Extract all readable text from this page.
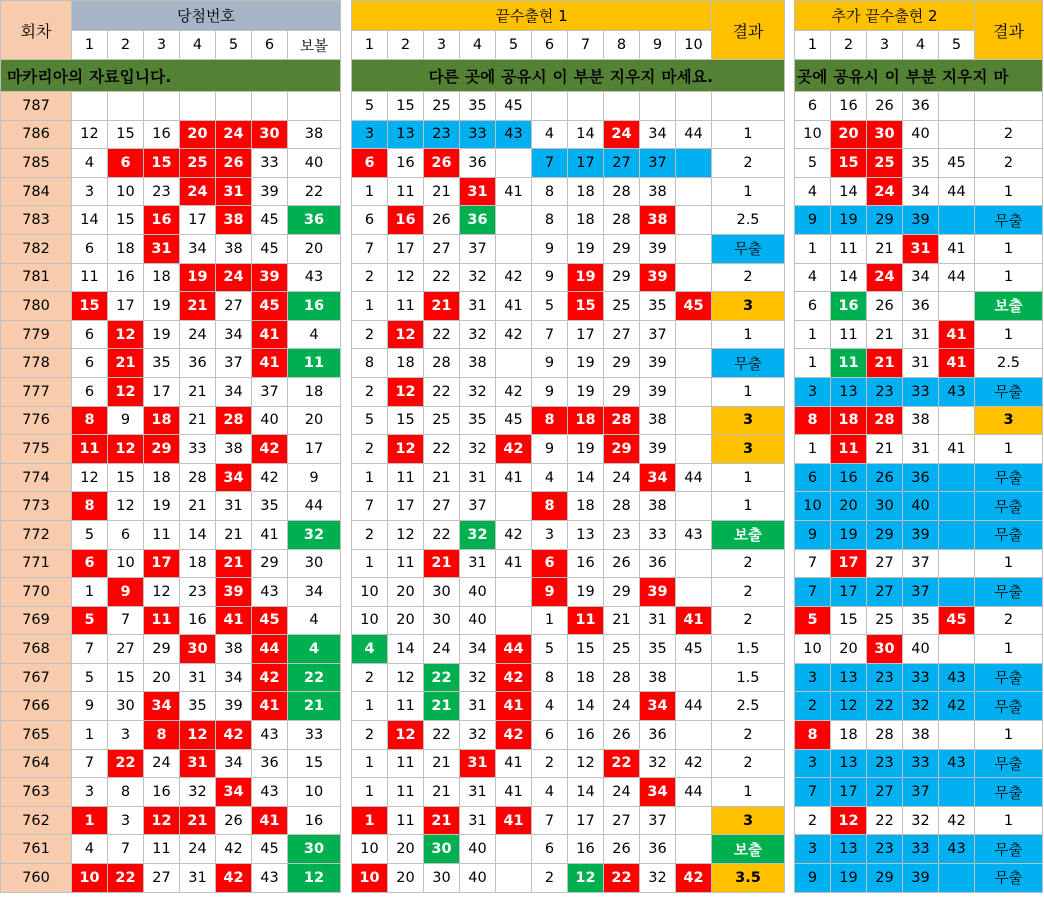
회차	당첨번호						
	1	2	3	4	5	6	보볼
마카리아의 자료입니다.							
787							
786	12	15	16	20	24	30	38
785	4	6	15	25	26	33	40
784	3	10	23	24	31	39	22
783	14	15	16	17	38	45	36
782	6	18	31	34	38	45	20
781	11	16	18	19	24	39	43
780	15	17	19	21	27	45	16
779	6	12	19	24	34	41	4
778	6	21	35	36	37	41	11
777	6	12	17	21	34	37	18
776	8	9	18	21	28	40	20
775	11	12	29	33	38	42	17
774	12	15	18	28	34	42	9
773	8	12	19	21	31	35	44
772	5	6	11	14	21	41	32
771	6	10	17	18	21	29	30
770	1	9	12	23	39	43	34
769	5	7	11	16	41	45	4
768	7	27	29	30	38	44	4
767	5	15	20	31	34	42	22
766	9	30	34	35	39	41	21
765	1	3	8	12	42	43	33
764	7	22	24	31	34	36	15
763	3	8	16	32	34	43	10
762	1	3	12	21	26	41	16
761	4	7	11	24	42	45	30
760	10	22	27	31	42	43	12
끝수출현 1										결과
1	2	3	4	5	6	7	8	9	10	
다른 곳에 공유시 이 부분 지우지 마세요.										
5	15	25	35	45						
3	13	23	33	43	4	14	24	34	44	1
6	16	26	36		7	17	27	37		2
1	11	21	31	41	8	18	28	38		1
6	16	26	36		8	18	28	38		2.5
7	17	27	37		9	19	29	39		무출
2	12	22	32	42	9	19	29	39		2
1	11	21	31	41	5	15	25	35	45	3
2	12	22	32	42	7	17	27	37		1
8	18	28	38		9	19	29	39		무출
2	12	22	32	42	9	19	29	39		1
5	15	25	35	45	8	18	28	38		3
2	12	22	32	42	9	19	29	39		3
1	11	21	31	41	4	14	24	34	44	1
7	17	27	37		8	18	28	38		1
2	12	22	32	42	3	13	23	33	43	보출
1	11	21	31	41	6	16	26	36		2
10	20	30	40		9	19	29	39		2
10	20	30	40		1	11	21	31	41	2
4	14	24	34	44	5	15	25	35	45	1.5
2	12	22	32	42	8	18	28	38		1.5
1	11	21	31	41	4	14	24	34	44	2.5
2	12	22	32	42	6	16	26	36		2
1	11	21	31	41	2	12	22	32	42	2
1	11	21	31	41	4	14	24	34	44	1
1	11	21	31	41	7	17	27	37		3
10	20	30	40		6	16	26	36		보출
10	20	30	40		2	12	22	32	42	3.5
추가 끝수출현 2					결과
1	2	3	4	5	
곳에 공유시 이 부분 지우지 마					
6	16	26	36		
10	20	30	40		2
5	15	25	35	45	2
4	14	24	34	44	1
9	19	29	39		무출
1	11	21	31	41	1
4	14	24	34	44	1
6	16	26	36		보출
1	11	21	31	41	1
1	11	21	31	41	2.5
3	13	23	33	43	무출
8	18	28	38		3
1	11	21	31	41	1
6	16	26	36		무출
10	20	30	40		무출
9	19	29	39		무출
7	17	27	37		1
7	17	27	37		무출
5	15	25	35	45	2
10	20	30	40		1
3	13	23	33	43	무출
2	12	22	32	42	무출
8	18	28	38		1
3	13	23	33	43	무출
7	17	27	37		무출
2	12	22	32	42	1
3	13	23	33	43	무출
9	19	29	39		무출
